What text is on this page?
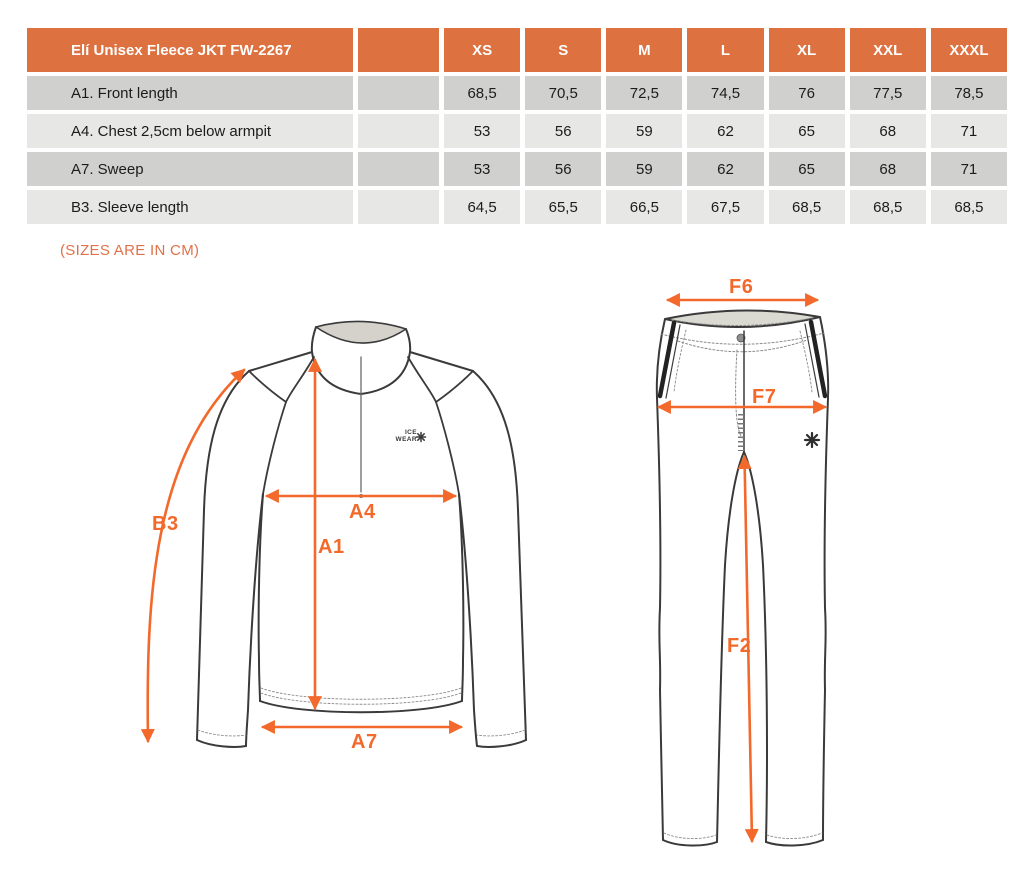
Elí Unisex Fleece JKT FW-2267	XS	S	M	L	XL	XXL	XXXL
A1. Front length	68,5	70,5	72,5	74,5	76	77,5	78,5
A4. Chest 2,5cm below armpit	53	56	59	62	65	68	71
A7. Sweep	53	56	59	62	65	68	71
B3. Sleeve length	64,5	65,5	66,5	67,5	68,5	68,5	68,5
(SIZES ARE IN CM)
B3
A1
A4
A7
F6
F7
F2
ICE
WEAR
